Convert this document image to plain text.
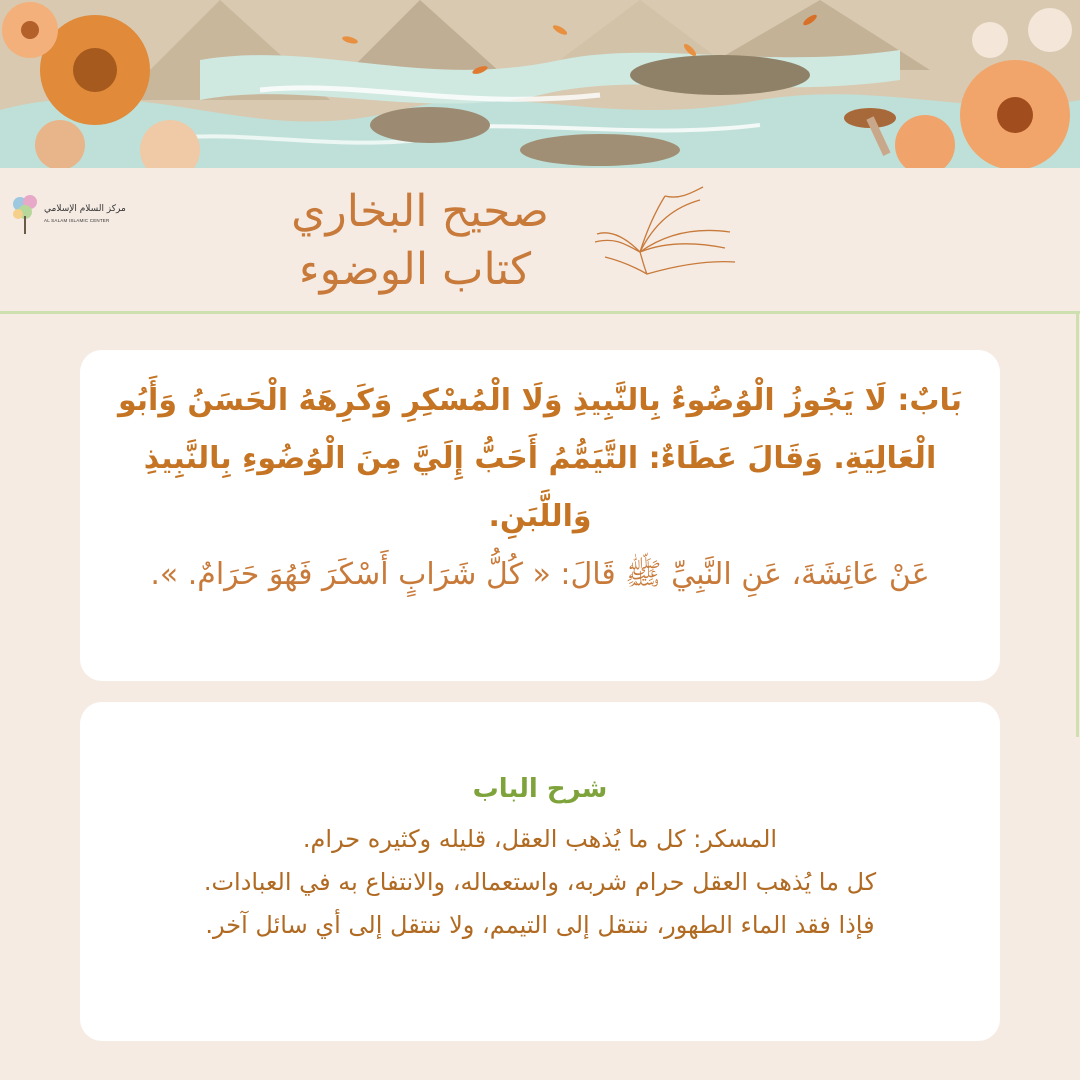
مركز السلام الإسلامي
AL SALAM ISLAMIC CENTER	صحيح البخاري
كتاب الوضوء
بَابٌ: لَا يَجُوزُ الْوُضُوءُ بِالنَّبِيذِ وَلَا الْمُسْكِرِ وَكَرِهَهُ الْحَسَنُ وَأَبُو الْعَالِيَةِ. وَقَالَ عَطَاءٌ: التَّيَمُّمُ أَحَبُّ إِلَيَّ مِنَ الْوُضُوءِ بِالنَّبِيذِ وَاللَّبَنِ.
عَنْ عَائِشَةَ، عَنِ النَّبِيِّ ﷺ قَالَ: « كُلُّ شَرَابٍ أَسْكَرَ فَهُوَ حَرَامٌ. ».
شرح الباب
المسكر: كل ما يُذهب العقل، قليله وكثيره حرام.
كل ما يُذهب العقل حرام شربه، واستعماله، والانتفاع به في العبادات.
فإذا فقد الماء الطهور، ننتقل إلى التيمم، ولا ننتقل إلى أي سائل آخر.
